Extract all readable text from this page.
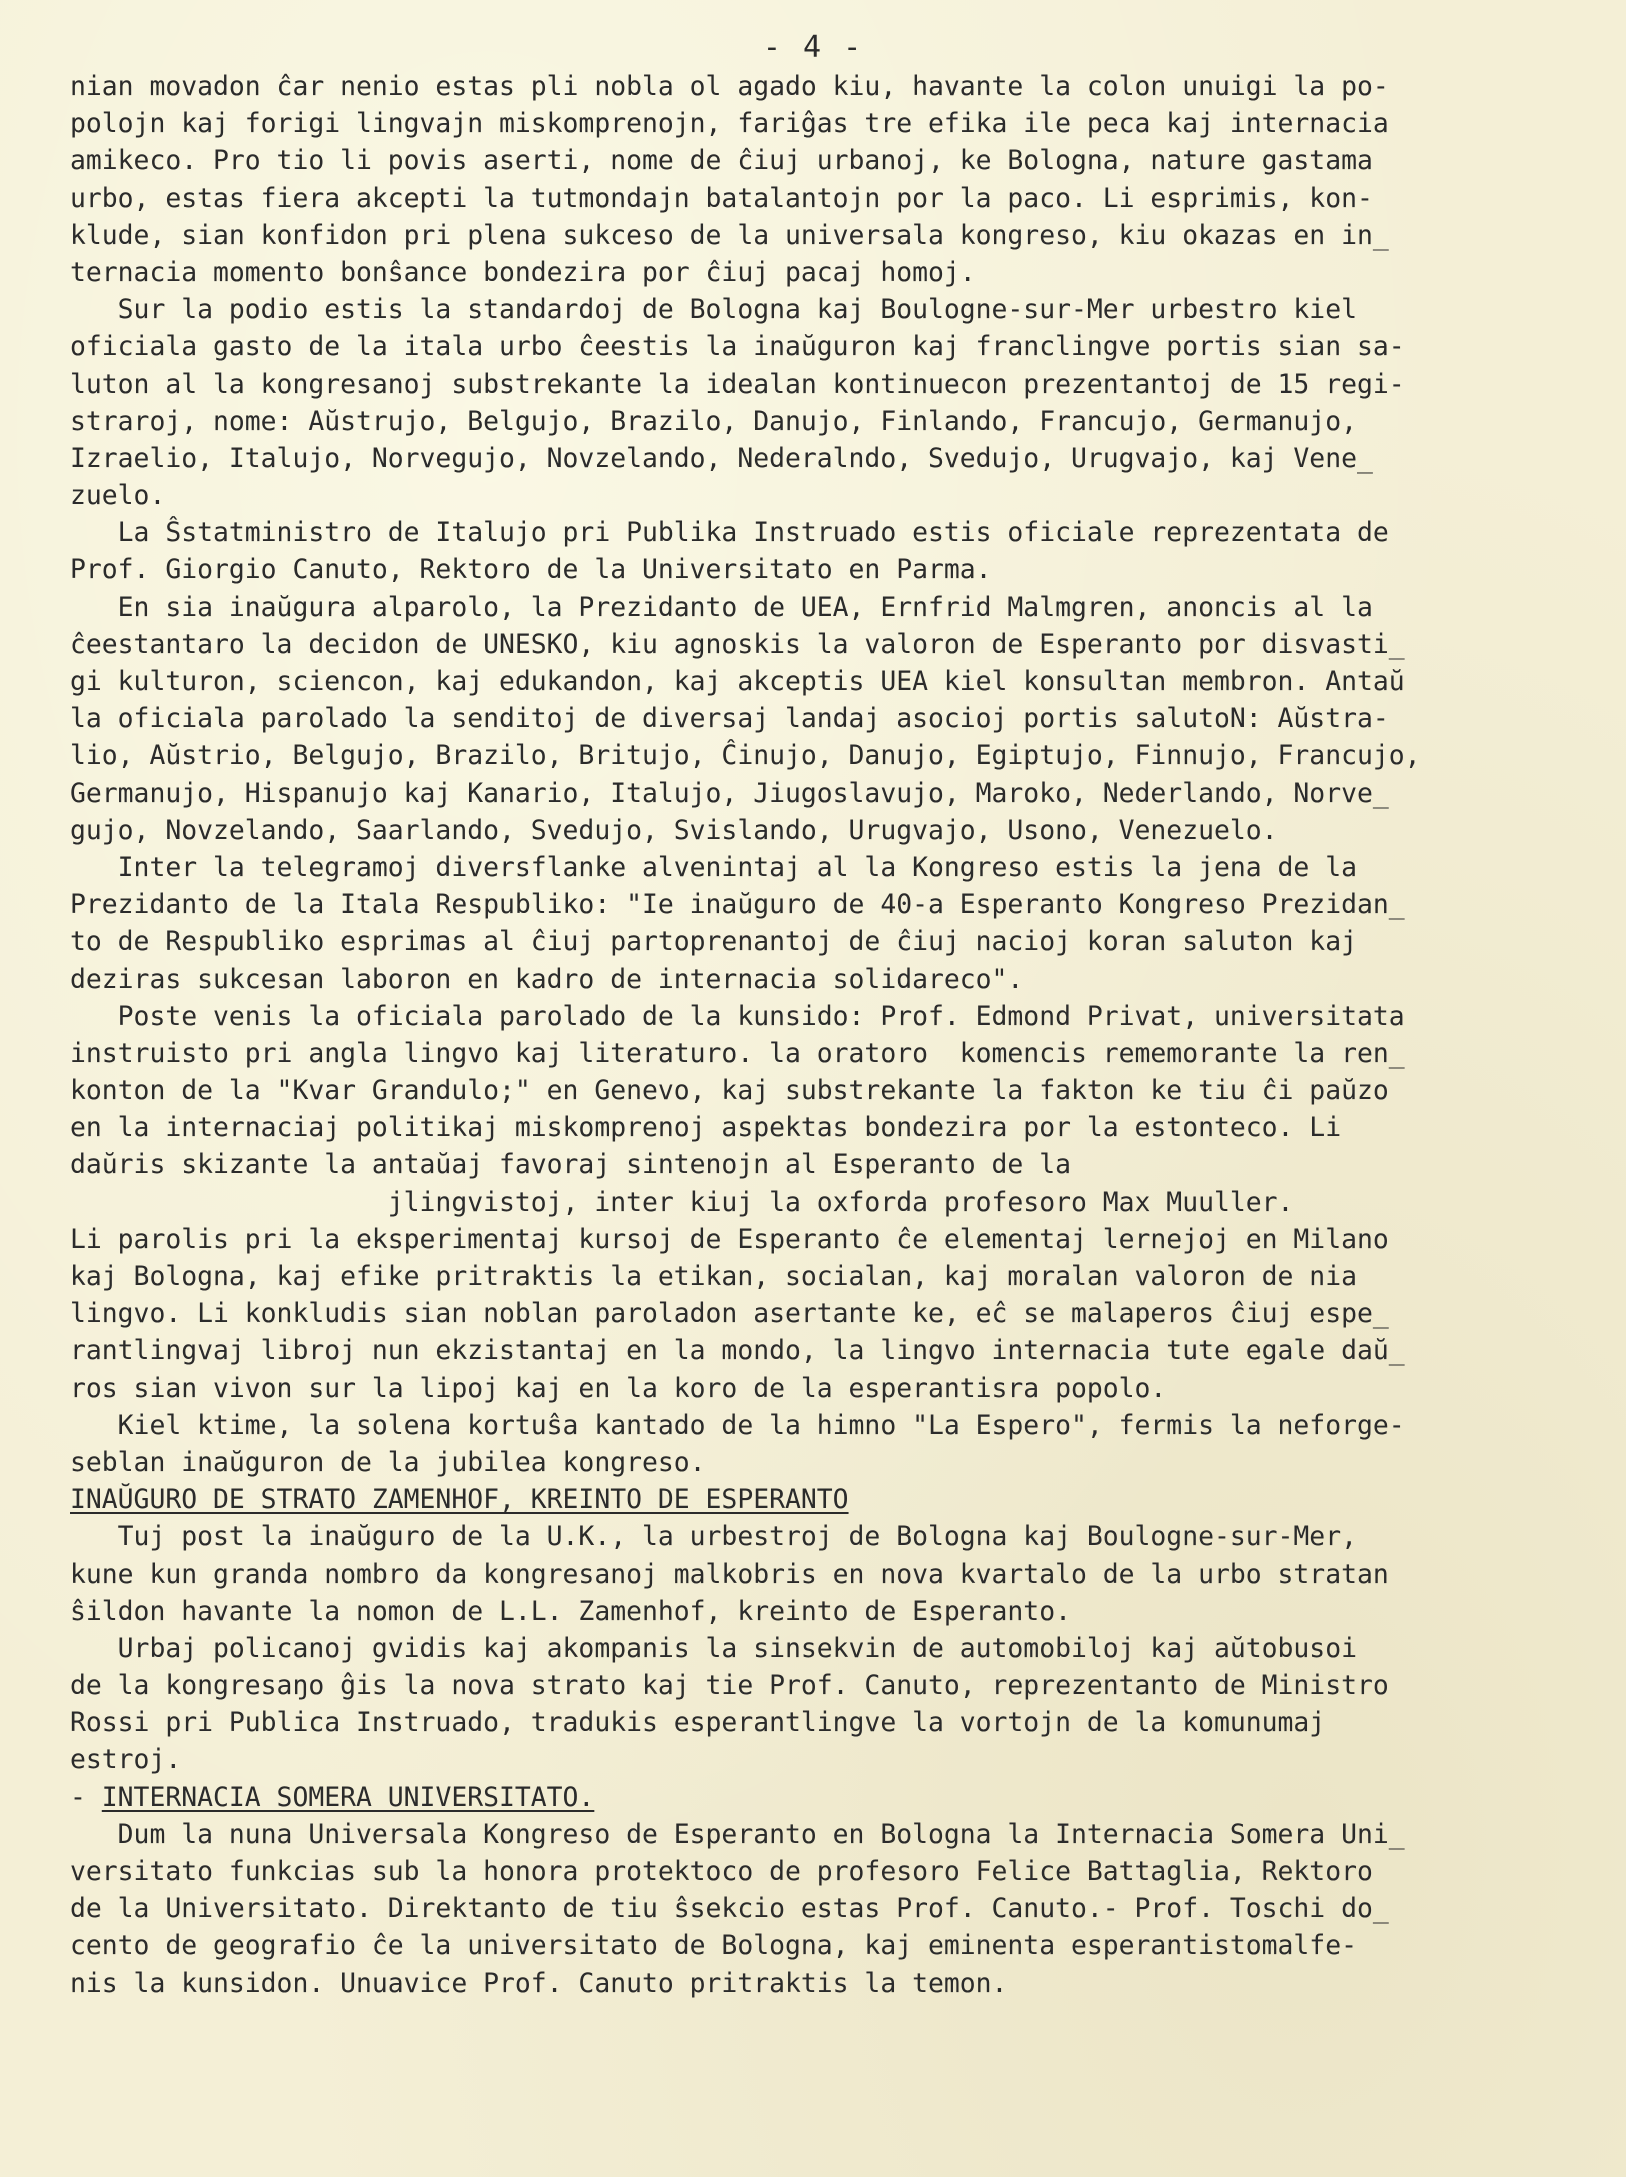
- 4 -
nian movadon ĉar nenio estas pli nobla ol agado kiu, havante la colon unuigi la po-
polojn kaj forigi lingvajn miskomprenojn, fariĝas tre efika ile peca kaj internacia
amikeco. Pro tio li povis aserti, nome de ĉiuj urbanoj, ke Bologna, nature gastama
urbo, estas fiera akcepti la tutmondajn batalantojn por la paco. Li esprimis, kon-
klude, sian konfidon pri plena sukceso de la universala kongreso, kiu okazas en in_
ternacia momento bonŝance bondezira por ĉiuj pacaj homoj.
Sur la podio estis la standardoj de Bologna kaj Boulogne-sur-Mer urbestro kiel
oficiala gasto de la itala urbo ĉeestis la inaŭguron kaj franclingve portis sian sa-
luton al la kongresanoj substrekante la idealan kontinuecon prezentantoj de 15 regi-
straroj, nome: Aŭstrujo, Belgujo, Brazilo, Danujo, Finlando, Francujo, Germanujo,
Izraelio, Italujo, Norvegujo, Novzelando, Nederalndo, Svedujo, Urugvajo, kaj Vene_
zuelo.
La Ŝstatministro de Italujo pri Publika Instruado estis oficiale reprezentata de
Prof. Giorgio Canuto, Rektoro de la Universitato en Parma.
En sia inaŭgura alparolo, la Prezidanto de UEA, Ernfrid Malmgren, anoncis al la
ĉeestantaro la decidon de UNESKO, kiu agnoskis la valoron de Esperanto por disvasti_
gi kulturon, sciencon, kaj edukandon, kaj akceptis UEA kiel konsultan membron. Antaŭ
la oficiala parolado la senditoj de diversaj landaj asocioj portis salutoN: Aŭstra-
lio, Aŭstrio, Belgujo, Brazilo, Britujo, Ĉinujo, Danujo, Egiptujo, Finnujo, Francujo,
Germanujo, Hispanujo kaj Kanario, Italujo, Jiugoslavujo, Maroko, Nederlando, Norve_
gujo, Novzelando, Saarlando, Svedujo, Svislando, Urugvajo, Usono, Venezuelo.
Inter la telegramoj diversflanke alvenintaj al la Kongreso estis la jena de la
Prezidanto de la Itala Respubliko: "Ie inaŭguro de 40-a Esperanto Kongreso Prezidan_
to de Respubliko esprimas al ĉiuj partoprenantoj de ĉiuj nacioj koran saluton kaj
deziras sukcesan laboron en kadro de internacia solidareco".
Poste venis la oficiala parolado de la kunsido: Prof. Edmond Privat, universitata
instruisto pri angla lingvo kaj literaturo. la oratoro  komencis rememorante la ren_
konton de la "Kvar Grandulo;" en Genevo, kaj substrekante la fakton ke tiu ĉi paŭzo
en la internaciaj politikaj miskomprenoj aspektas bondezira por la estonteco. Li
daŭris skizante la antaŭaj favoraj sintenojn al Esperanto de la
jlingvistoj, inter kiuj la oxforda profesoro Max Muuller.
Li parolis pri la eksperimentaj kursoj de Esperanto ĉe elementaj lernejoj en Milano
kaj Bologna, kaj efike pritraktis la etikan, socialan, kaj moralan valoron de nia
lingvo. Li konkludis sian noblan paroladon asertante ke, eĉ se malaperos ĉiuj espe_
rantlingvaj libroj nun ekzistantaj en la mondo, la lingvo internacia tute egale daŭ_
ros sian vivon sur la lipoj kaj en la koro de la esperantisra popolo.
Kiel ktime, la solena kortuŝa kantado de la himno "La Espero", fermis la neforge-
seblan inaŭguron de la jubilea kongreso.
INAŬGURO DE STRATO ZAMENHOF, KREINTO DE ESPERANTO
Tuj post la inaŭguro de la U.K., la urbestroj de Bologna kaj Boulogne-sur-Mer,
kune kun granda nombro da kongresanoj malkobris en nova kvartalo de la urbo stratan
ŝildon havante la nomon de L.L. Zamenhof, kreinto de Esperanto.
Urbaj policanoj gvidis kaj akompanis la sinsekvin de automobiloj kaj aŭtobusoi
de la kongresaŋo ĝis la nova strato kaj tie Prof. Canuto, reprezentanto de Ministro
Rossi pri Publica Instruado, tradukis esperantlingve la vortojn de la komunumaj
estroj.
- INTERNACIA SOMERA UNIVERSITATO.
Dum la nuna Universala Kongreso de Esperanto en Bologna la Internacia Somera Uni_
versitato funkcias sub la honora protektoco de profesoro Felice Battaglia, Rektoro
de la Universitato. Direktanto de tiu ŝsekcio estas Prof. Canuto.- Prof. Toschi do_
cento de geografio ĉe la universitato de Bologna, kaj eminenta esperantistomalfe-
nis la kunsidon. Unuavice Prof. Canuto pritraktis la temon.
